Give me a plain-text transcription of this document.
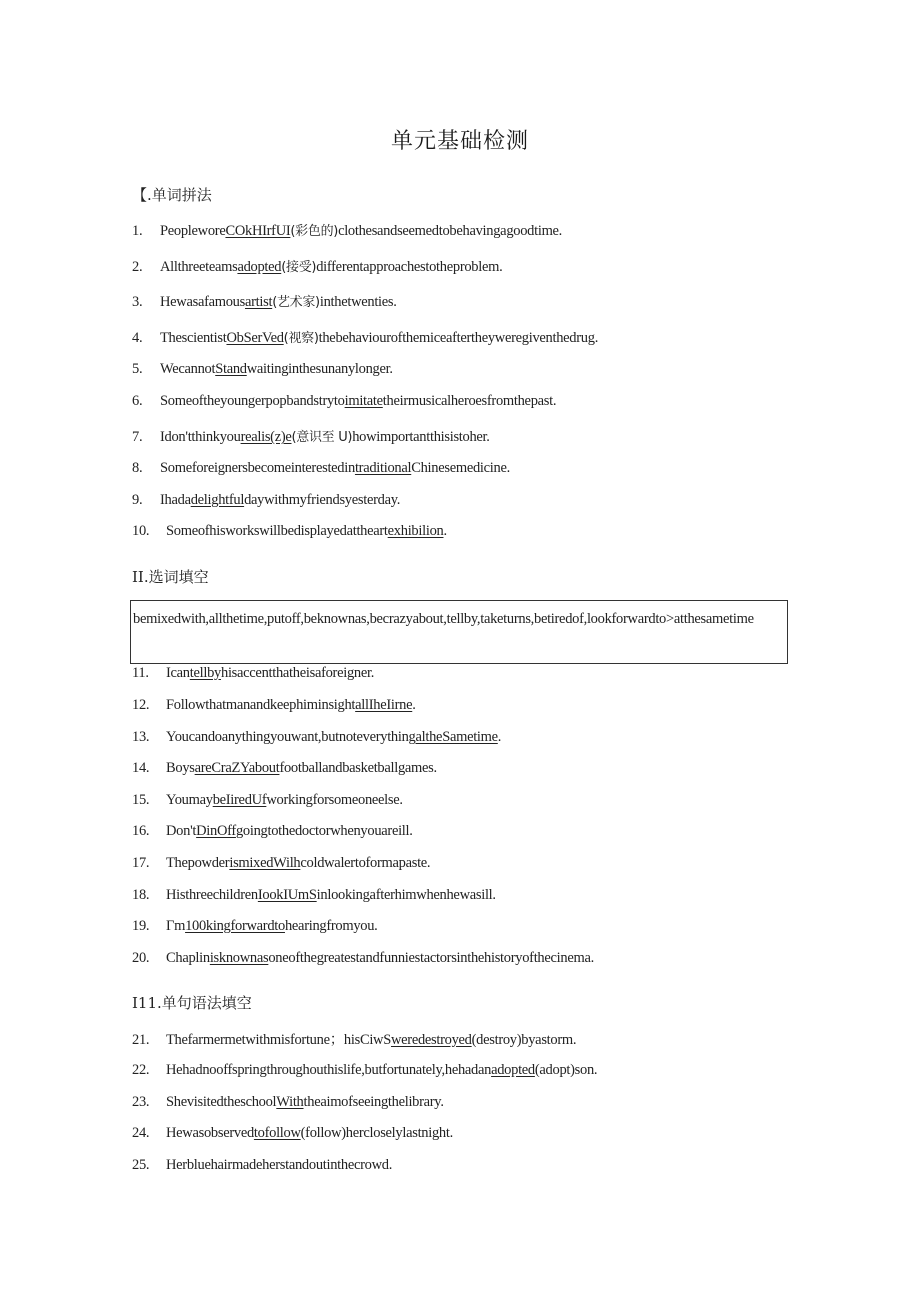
单元基础检测
【.单词拼法
1. PeopleworeCOkHIrfUI(彩色的)clothesandseemedtobehavingagoodtime.
2. Allthreeteamsadopted(接受)differentapproachestotheproblem.
3. Hewasafamousartist(艺术家)inthetwenties.
4. ThescientistObSerVed(视察)thebehaviourofthemiceaftertheyweregiventhedrug.
5. WecannotStandwaitinginthesunanylonger.
6. Someoftheyoungerpopbandstrytoimitatetheirmusicalheroesfromthepast.
7. Idon'tthinkyourealis(z)e(意识至 U)howimportantthisistoher.
8. SomeforeignersbecomeinterestedintraditionalChinesemedicine.
9. Ihadadelightfuldaywithmyfriendsyesterday.
10. Someofhisworkswillbedisplayedattheartexhibilion.
II.选词填空
bemixedwith,allthetime,putoff,beknownas,becrazyabout,tellby,taketurns,betiredof,lookforwardto>atthesametime
11. Icantellbyhisaccentthatheisaforeigner.
12. FollowthatmanandkeephiminsightallIheIirne.
13. Youcandoanythingyouwant,butnoteverythingaltheSametime.
14. BoysareCraZYaboutfootballandbasketballgames.
15. YoumaybeIiredUfworkingforsomeoneelse.
16. Don'tDinOffgoingtothedoctorwhenyouareill.
17. ThepowderismixedWilhcoldwalertoformapaste.
18. HisthreechildrenIookIUmSinlookingafterhimwhenhewasill.
19. Γm100kingforwardtohearingfromyou.
20. Chaplinisknownasoneofthegreatestandfunniestactorsinthehistoryofthecinema.
I11.单句语法填空
21. Thefarmermetwithmisfortune；hisCiwSweredestroyed(destroy)byastorm.
22. Hehadnooffspringthroughouthislife,butfortunately,hehadanadopted(adopt)son.
23. ShevisitedtheschoolWiththeaimofseeingthelibrary.
24. Hewasobservedtofollow(follow)hercloselylastnight.
25. Herbluehairmadeherstandoutinthecrowd.
